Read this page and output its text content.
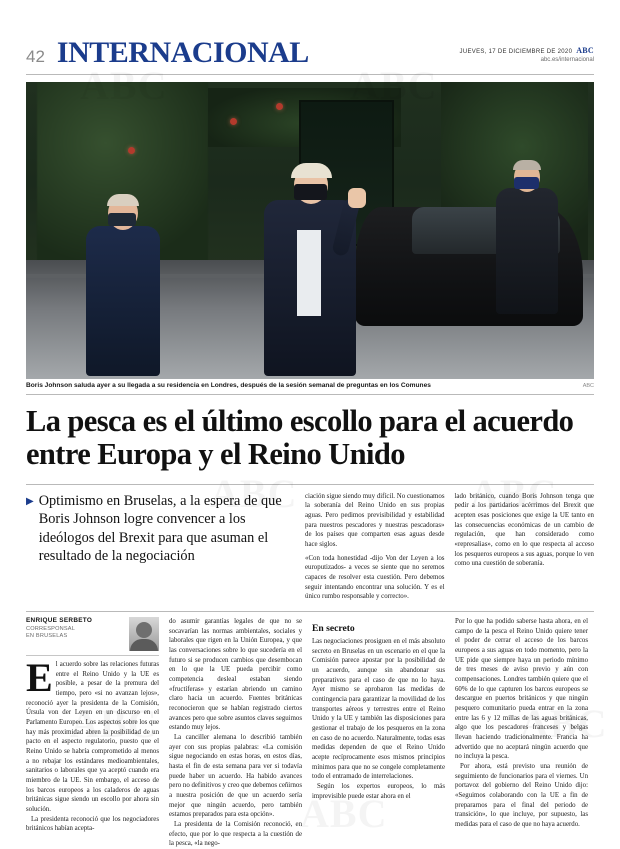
42 INTERNACIONAL	JUEVES, 17 DE DICIEMBRE DE 2020 ABC
abc.es/internacional
Boris Johnson saluda ayer a su llegada a su residencia en Londres, después de la sesión semanal de preguntas en los Comunes	ABC
La pesca es el último escollo para el acuerdo entre Europa y el Reino Unido
▶ Optimismo en Bruselas, a la espera de que Boris Johnson logre convencer a los ideólogos del Brexit para que asuman el resultado de la negociación

ciación sigue siendo muy difícil. No cuestionamos la soberanía del Reino Unido en sus propias aguas. Pero pedimos previsibilidad y estabilidad para nuestros pescadores y nuestras pescadoras» de los países que comparten esas aguas desde hace siglos.

«Con toda honestidad -dijo Von der Leyen a los europutizados- a veces se siente que no seremos capaces de resolver esta cuestión. Pero debemos seguir intentando encontrar una solución. Y es el único rumbo responsable y correcto».

lado británico, cuando Boris Johnson tenga que pedir a los partidarios acérrimos del Brexit que acepten esas posiciones que exige la UE tanto en las consecuencias económicas de un cambio de regulación, que han considerado como «represalias», como en lo que respecta al acceso los pesqueros europeos a sus aguas, porque lo ven como una cuestión de soberanía.

ENRIQUE SERBETO
CORRESPONSAL
EN BRUSELAS

El acuerdo sobre las relaciones futuras entre el Reino Unido y la UE es posible, a pesar de la premura del tiempo, pero «si no avanzan lejos», reconoció ayer la presidenta de la Comisión, Úrsula von der Leyen en un discurso en el Parlamento Europeo. Los aspectos sobre los que hay más proximidad abren la posibilidad de un pacto en el aspecto regulatorio, puesto que el Reino Unido se habría comprometido al menos a no rebajar los estándares medioambientales, sanitarios o laborales que ya aceptó cuando era miembro de la UE. Sin embargo, el acceso de los barcos europeos a los caladeros de aguas británicas sigue siendo un escollo por ahora sin solución.

La presidenta reconoció que los negociadores británicos habían acepta-

do asumir garantías legales de que no se socavarían las normas ambientales, sociales y laborales que rigen en la Unión Europea, y que las conversaciones sobre lo que sucedería en el futuro si se producen cambios que desembocan en lo que la UE pueda percibir como competencia desleal estaban siendo «fructíferas» y estarían abriendo un camino claro hacia un acuerdo. Fuentes británicas reconocieron que se habían registrado ciertos avances pero que sobre asuntos claves seguimos estando muy lejos.

La canciller alemana lo describió también ayer con sus propias palabras: «La comisión sigue negociando en estas horas, en estos días, hasta el fin de esta semana para ver si todavía puede haber un acuerdo. Ha habido avances pero no definitivos y creo que debemos ceñirnos a nuestra posición de que un acuerdo sería mejor que ningún acuerdo, pero también estamos preparados para esta opción».

La presidenta de la Comisión reconoció, en efecto, que por lo que respecta a la cuestión de la pesca, «la nego-

En secreto

Las negociaciones prosiguen en el más absoluto secreto en Bruselas en un escenario en el que la Comisión parece apostar por la posibilidad de un acuerdo, aunque sin abandonar sus preparativos para el caso de que no lo haya. Ayer mismo se aprobaron las medidas de contingencia para garantizar la movilidad de los transportes aéreos y terrestres entre el Reino Unido y la UE y también las disposiciones para gestionar el trabajo de los pesqueros en la zona en caso de no acuerdo. Naturalmente, todas esas medidas dependen de que el Reino Unido acepte recíprocamente esos mismos principios mínimos para que no se congele completamente todo el entramado de interrelaciones.

Según los expertos europeos, lo más imprevisible puede estar ahora en el

Por lo que ha podido saberse hasta ahora, en el campo de la pesca el Reino Unido quiere tener el poder de cerrar el acceso de los barcos europeos a sus aguas en todo momento, pero la UE pide que siempre haya un periodo mínimo de tres meses de aviso previo y aún con compensaciones. Londres también quiere que el 60% de lo que capturen los barcos europeos se descargue en puertos británicos y que ningún pesquero comunitario pueda entrar en la zona entre las 6 y 12 millas de las aguas británicas, algo que los pescadores franceses y belgas llevan haciendo tradicionalmente. Francia ha advertido que no aceptará ningún acuerdo que no incluya la pesca.

Por ahora, está previsto una reunión de seguimiento de funcionarios para el viernes. Un portavoz del gobierno del Reino Unido dijo: «Seguimos colaborando con la UE a fin de prepararnos para el final del periodo de transición», lo que incluye, por supuesto, las medidas para el caso de que no haya acuerdo.
